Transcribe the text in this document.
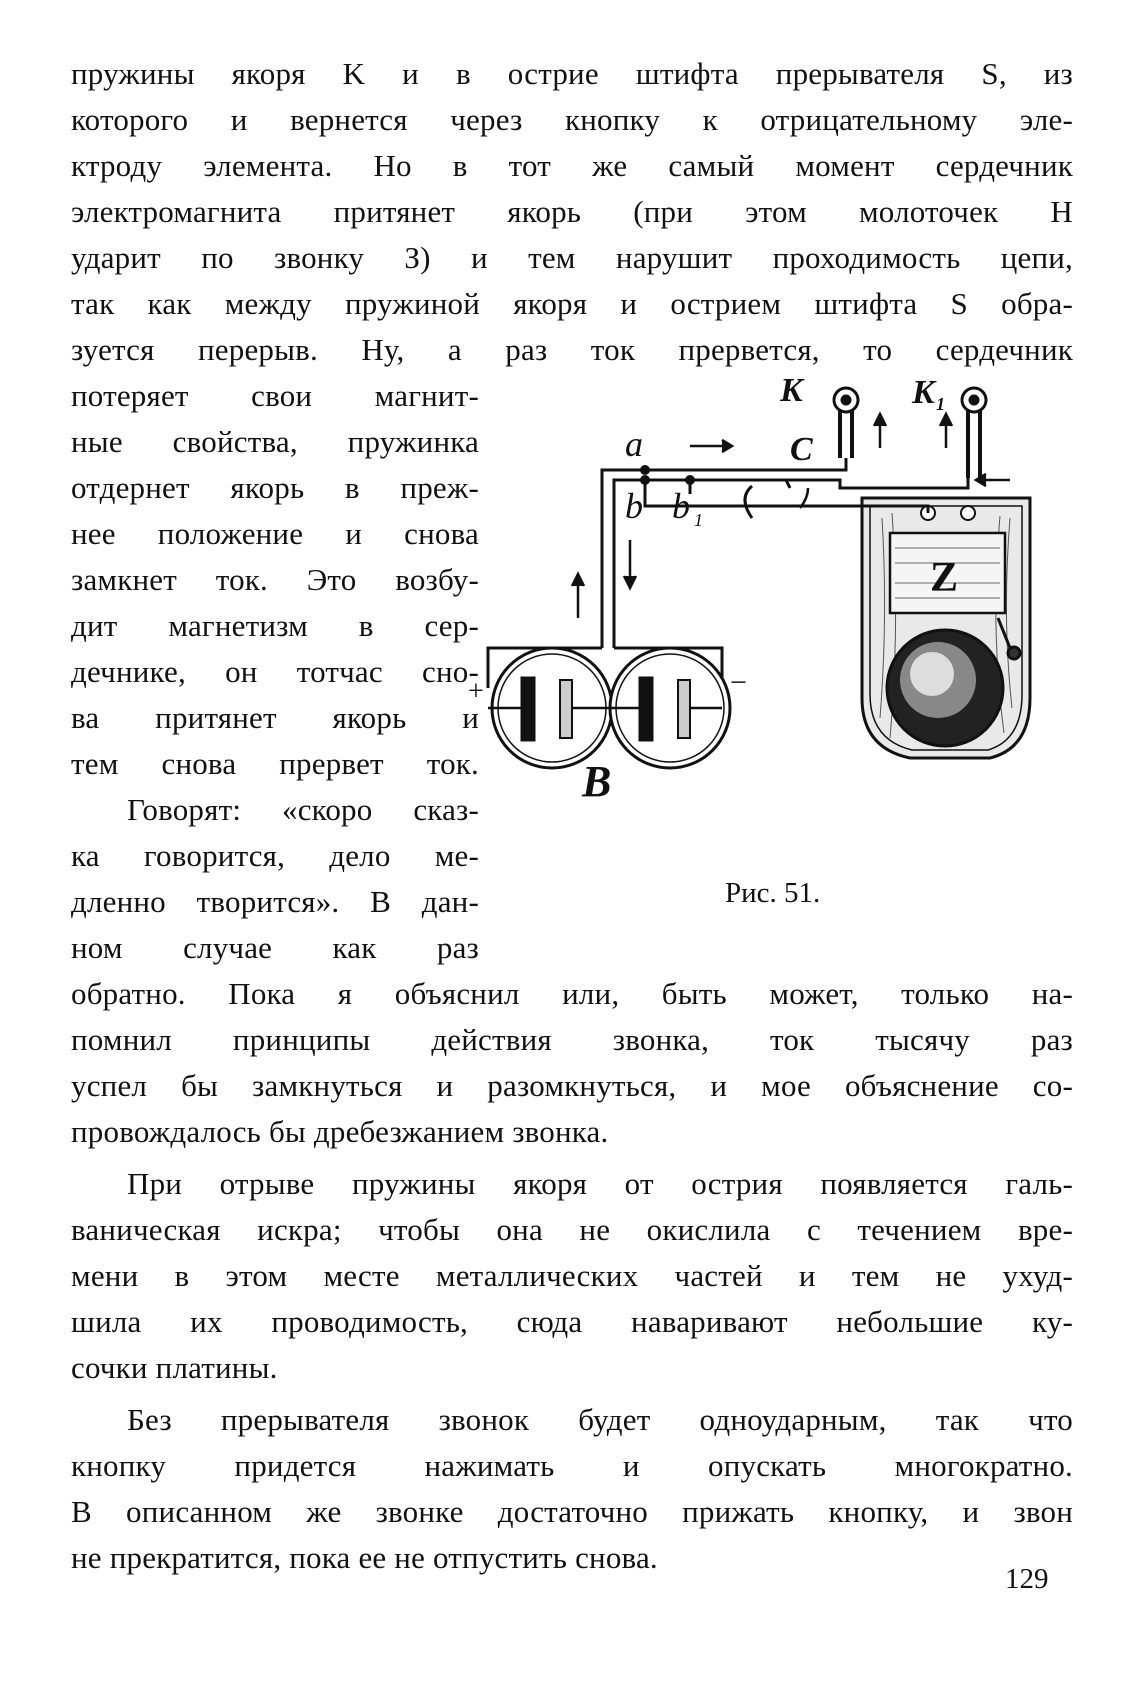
пружины якоря K и в острие штифта прерывателя S, из
которого и вернется через кнопку к отрицательному эле-
ктроду элемента. Но в тот же самый момент сердечник
электромагнита притянет якорь (при этом молоточек H
ударит по звонку З) и тем нарушит проходимость цепи,
так как между пружиной якоря и острием штифта S обра-
зуется перерыв. Ну, а раз ток прервется, то сердечник
потеряет свои магнит-
ные свойства, пружинка
отдернет якорь в преж-
нее положение и снова
замкнет ток. Это возбу-
дит магнетизм в сер-
дечнике, он тотчас сно-
ва притянет якорь и
тем снова прервет ток.
Говорят: «скоро сказ-
ка говорится, дело ме-
дленно творится». В дан-
ном случае как раз
обратно. Пока я объяснил или, быть может, только на-
помнил принципы действия звонка, ток тысячу раз
успел бы замкнуться и разомкнуться, и мое объяснение со-
провождалось бы дребезжанием звонка.
При отрыве пружины якоря от острия появляется галь-
ваническая искра; чтобы она не окислила с течением вре-
мени в этом месте металлических частей и тем не ухуд-
шила их проводимость, сюда наваривают небольшие ку-
сочки платины.
Без прерывателя звонок будет одноударным, так что
кнопку придется нажимать и опускать многократно.
В описанном же звонке достаточно прижать кнопку, и звон
не прекратится, пока ее не отпустить снова.
K	K 1
a	C
b b 1
Z
B
+	−
Рис. 51.
129
